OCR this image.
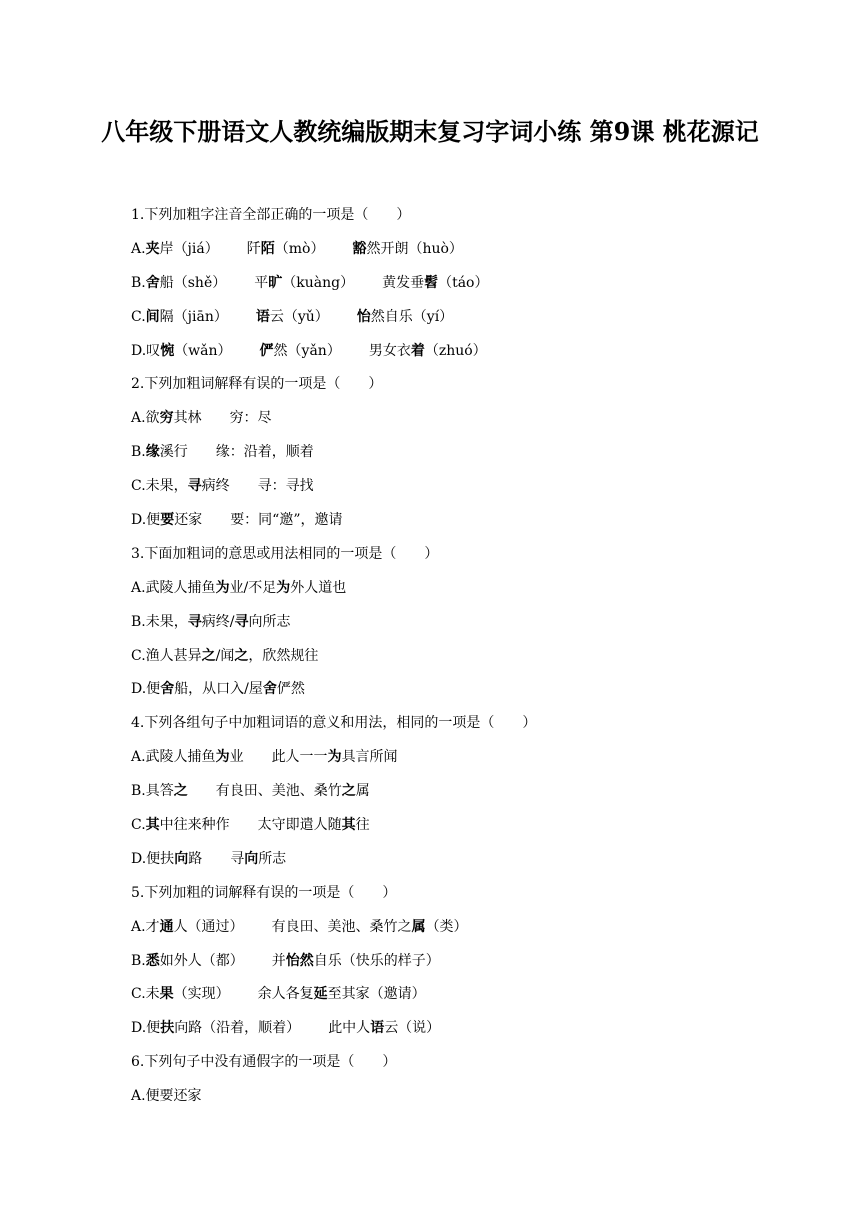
八年级下册语文人教统编版期末复习字词小练 第9课 桃花源记
1.下列加粗字注音全部正确的一项是（　　）
A.夹岸（jiá） 阡陌（mò） 豁然开朗（huò）
B.舍船（shě） 平旷（kuàng） 黄发垂髫（táo）
C.间隔（jiān） 语云（yǔ） 怡然自乐（yí）
D.叹惋（wǎn） 俨然（yǎn） 男女衣着（zhuó）
2.下列加粗词解释有误的一项是（　　）
A.欲穷其林 穷：尽
B.缘溪行 缘：沿着，顺着
C.未果，寻病终 寻：寻找
D.便要还家 要：同“邀”，邀请
3.下面加粗词的意思或用法相同的一项是（　　）
A.武陵人捕鱼为业/不足为外人道也
B.未果，寻病终/寻向所志
C.渔人甚异之/闻之，欣然规往
D.便舍船，从口入/屋舍俨然
4.下列各组句子中加粗词语的意义和用法，相同的一项是（　　）
A.武陵人捕鱼为业 此人一一为具言所闻
B.具答之 有良田、美池、桑竹之属
C.其中往来种作 太守即遣人随其往
D.便扶向路 寻向所志
5.下列加粗的词解释有误的一项是（　　）
A.才通人（通过） 有良田、美池、桑竹之属（类）
B.悉如外人（都） 并怡然自乐（快乐的样子）
C.未果（实现） 余人各复延至其家（邀请）
D.便扶向路（沿着，顺着） 此中人语云（说）
6.下列句子中没有通假字的一项是（　　）
A.便要还家
